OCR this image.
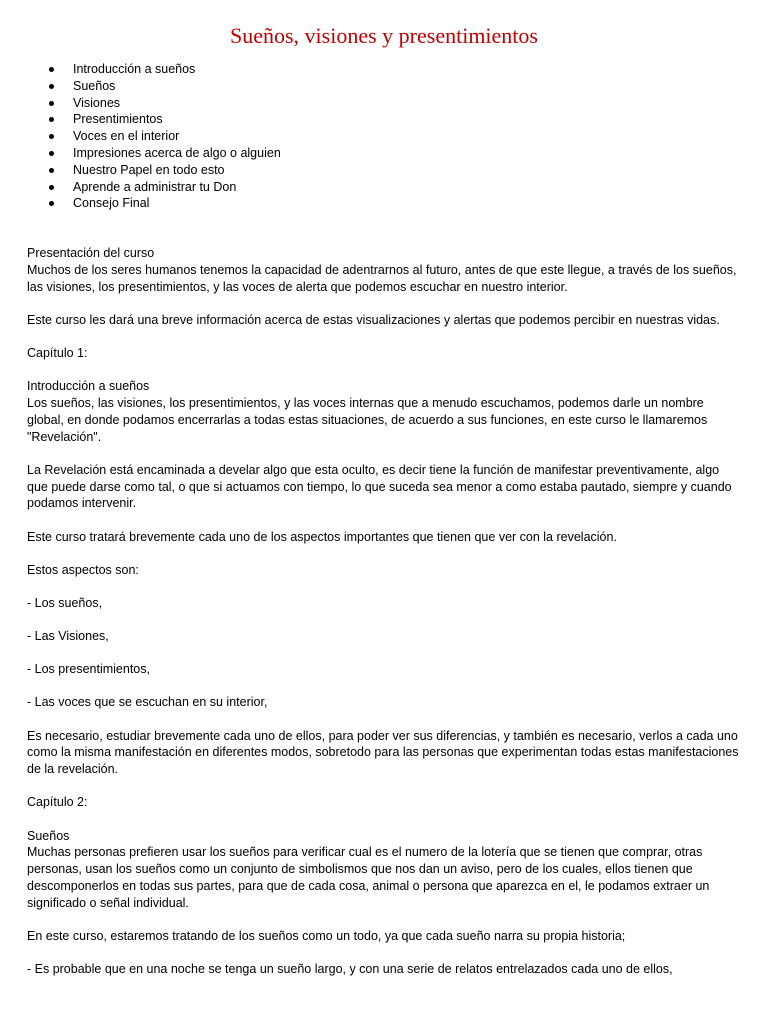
Sueños, visiones y presentimientos
Introducción a sueños
Sueños
Visiones
Presentimientos
Voces en el interior
Impresiones acerca de algo o alguien
Nuestro Papel en todo esto
Aprende a administrar tu Don
Consejo Final

Presentación del curso

Muchos de los seres humanos tenemos la capacidad de adentrarnos al futuro, antes de que este llegue, a través de los sueños, las visiones, los presentimientos, y las voces de alerta que podemos escuchar en nuestro interior.

Este curso les dará una breve información acerca de estas visualizaciones y alertas que podemos percibir en nuestras vidas.

Capítulo 1:

Introducción a sueños

Los sueños, las visiones, los presentimientos, y las voces internas que a menudo escuchamos, podemos darle un nombre global, en donde podamos encerrarlas a todas estas situaciones, de acuerdo a sus funciones, en este curso le llamaremos "Revelación".

La Revelación está encaminada a develar algo que esta oculto, es decir tiene la función de manifestar preventivamente, algo que puede darse como tal, o que si actuamos con tiempo, lo que suceda sea menor a como estaba pautado, siempre y cuando podamos intervenir.

Este curso tratará brevemente cada uno de los aspectos importantes que tienen que ver con la revelación.

Estos aspectos son:

- Los sueños,

- Las Visiones,

- Los presentimientos,

- Las voces que se escuchan en su interior,

Es necesario, estudiar brevemente cada uno de ellos, para poder ver sus diferencias, y también es necesario, verlos a cada uno como la misma manifestación en diferentes modos, sobretodo para las personas que experimentan todas estas manifestaciones de la revelación.

Capítulo 2:

Sueños

Muchas personas prefieren usar los sueños para verificar cual es el numero de la lotería que se tienen que comprar, otras personas, usan los sueños como un conjunto de simbolismos que nos dan un aviso, pero de los cuales, ellos tienen que descomponerlos en todas sus partes, para que de cada cosa, animal o persona que aparezca en el, le podamos extraer un significado o señal individual.

En este curso, estaremos tratando de los sueños como un todo, ya que cada sueño narra su propia historia;

- Es probable que en una noche se tenga un sueño largo, y con una serie de relatos entrelazados cada uno de ellos,
